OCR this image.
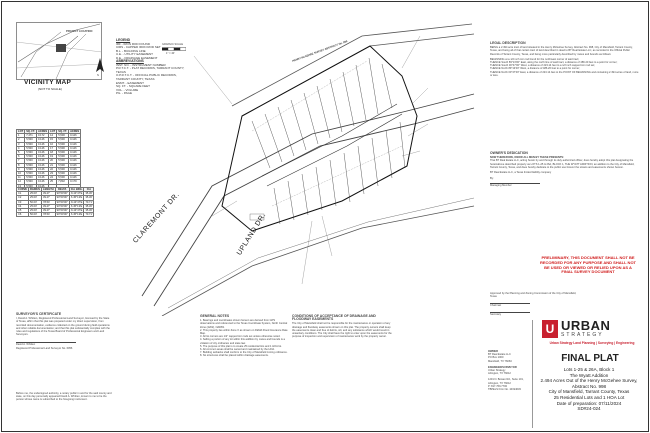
PROJECT LOCATION
VICINITY MAP
(NOT TO SCALE)
LEGEND
IRF - IRON ROD FOUND
CIRS - CAPPED IRON ROD SET
B.L. - BUILDING LINE
U.E. - UTILITY EASEMENT
D.E. - DRAINAGE EASEMENT
ABBREVIATIONS
INST. NO. - INSTRUMENT NUMBER
P.R.T.C.T. - PLAT RECORDS, TARRANT COUNTY, TEXAS
O.P.R.T.C.T. - OFFICIAL PUBLIC RECORDS, TARRANT COUNTY, TEXAS
ESMT. - EASEMENT
SQ. FT. - SQUARE FEET
VOL. - VOLUME
PG. - PAGE
N
GRAPHIC SCALE
1" = 40'
LOT	SQ. FT.	ACRES	LOT	SQ. FT.	ACRES
1	7,471	0.172	14	5,500	0.126
2	5,500	0.126	15	5,500	0.126
3	5,500	0.126	16	5,500	0.126
4	5,500	0.126	17	5,500	0.126
5	5,500	0.126	18	5,500	0.126
6	5,500	0.126	19	5,500	0.126
7	5,500	0.126	20	5,500	0.126
8	5,500	0.126	21	5,500	0.126
9	5,500	0.126	22	5,500	0.126
10	5,500	0.126	23	5,500	0.126
11	5,500	0.126	24	5,500	0.126
12	5,500	0.126	25	7,802	0.179
13	5,500	0.126			
CURVE	RADIUS	LENGTH	DELTA	CH. BRG.	CH.
C1	25.00'	39.27'	90°00'00"	N 44°47'E	35.36'
C2	25.00'	39.27'	90°00'00"	S 45°13'E	35.36'
C3	50.00'	78.54'	90°00'00"	N 44°47'E	70.71'
C4	25.00'	39.27'	90°00'00"	S 45°13'E	35.36'
C5	25.00'	39.27'	90°00'00"	N 44°47'E	35.36'
C6	50.00'	78.54'	90°00'00"	S 45°13'E	70.71'	CLAREMONT DR.	UPLAND DR.
HENRY McGEHEE SURVEY ABSTRACT No. 998
SURVEYOR'S CERTIFICATE
I, David A. Whitten, Registered Professional Land Surveyor, licensed by the State of Texas, affirm that this plat was prepared under my direct supervision, from recorded documentation, evidence collected on the ground during field operations and other reliable documentation; and that this plat substantially complies with the rules and regulations of the Texas Board of Professional Engineers and Land Surveyors.
David A. Whitten
Registered Professional Land Surveyor No. 6056
Before me, the undersigned authority, a notary public in and for the said county and state, on this day personally appeared David A. Whitten, known to me to be the person whose name is subscribed to the foregoing instrument.
GENERAL NOTES
1. Bearings and coordinates shown hereon are derived from GPS observations and referenced to the Texas Coordinate System, North Central Zone (4202), NAD83.
2. This property lies within Zone X as shown on FEMA Flood Insurance Rate Map.
3. All lot corners are 1/2" capped iron rods set unless otherwise noted.
4. Selling a portion of any lot within this addition by metes and bounds is a violation of city ordinance and state law.
5. The purpose of this plat is to create 25 residential lots and 1 HOA lot.
6. All common areas shall be owned and maintained by the HOA.
7. Building setbacks shall conform to the City of Mansfield zoning ordinance.
8. No structures shall be placed within drainage easements.
CONDITIONS OF ACCEPTANCE OF DRAINAGE AND FLOODWAY EASEMENTS
The City of Mansfield shall not be responsible for the maintenance or operation of any drainage and floodway easements shown on this plat. The property owners shall keep the easements clean and free of debris, silt, and any substance which would result in unsanitary conditions. The City shall have the right to enter upon the easements for the purpose of inspection and supervision of maintenance work by the property owner.
LEGAL DESCRIPTION
BEING a 2.494 acre tract of land situated in the Henry McGehee Survey, Abstract No. 998, City of Mansfield, Tarrant County, Texas, and being all of that certain tract of land described in deed to BT Real Estate LLC, as recorded in the Official Public Records of Tarrant County, Texas, and being more particularly described by metes and bounds as follows:
BEGINNING at a 1/2 inch iron rod found for the northwest corner of said tract;
THENCE South 89°13'00" East, along the north line of said tract, a distance of 486.20 feet to a point for corner;
THENCE South 00°47'00" West, a distance of 223.14 feet to a 1/2 inch capped iron rod set;
THENCE North 89°13'00" West, a distance of 486.20 feet to a point for corner;
THENCE North 00°47'00" East, a distance of 223.14 feet to the POINT OF BEGINNING and containing 2.494 acres of land, more or less.
OWNER'S DEDICATION
NOW THEREFORE, KNOW ALL MEN BY THESE PRESENTS:
That BT Real Estate LLC, acting herein by and through its duly authorized officer, does hereby adopt this plat designating the hereinabove described property as LOTS 1-25 & 26A, BLOCK 1, THE WYATT ADDITION, an addition to the City of Mansfield, Tarrant County, Texas, and does hereby dedicate to the public use forever the streets and easements shown hereon.
BT Real Estate LLC, a Texas limited liability company
By:
Managing Member
Approved by the Planning and Zoning Commission of the City of Mansfield, Texas
Chairman
Secretary
PRELIMINARY, THIS DOCUMENT SHALL NOT BE RECORDED FOR ANY PURPOSE AND SHALL NOT BE USED OR VIEWED OR RELIED UPON AS A FINAL SURVEY DOCUMENT
OWNER
BT Real Estate LLC
PO Box 1000
Mansfield, TX 76063
ENGINEER/SURVEYOR
Urban Strategy
Arlington, TX 76012
1201 N. Bowen Rd., Suite 101, Arlington, TX 76012
P: 817.769.7700
TBPELS Firm No. 10194633
U URBAN
STRATEGY
Urban Strategy Land Planning | Surveying | Engineering
FINAL PLAT
Lots 1-25 & 26A, Block 1
The Wyatt Addition
2.494 Acres Out of the Henry McGehee Survey,
Abstract No. 998
City of Mansfield, Tarrant County, Texas
25 Residential Lots and 1 HOA Lot
Date of preparation: 07/11/2024
SD#24-024
